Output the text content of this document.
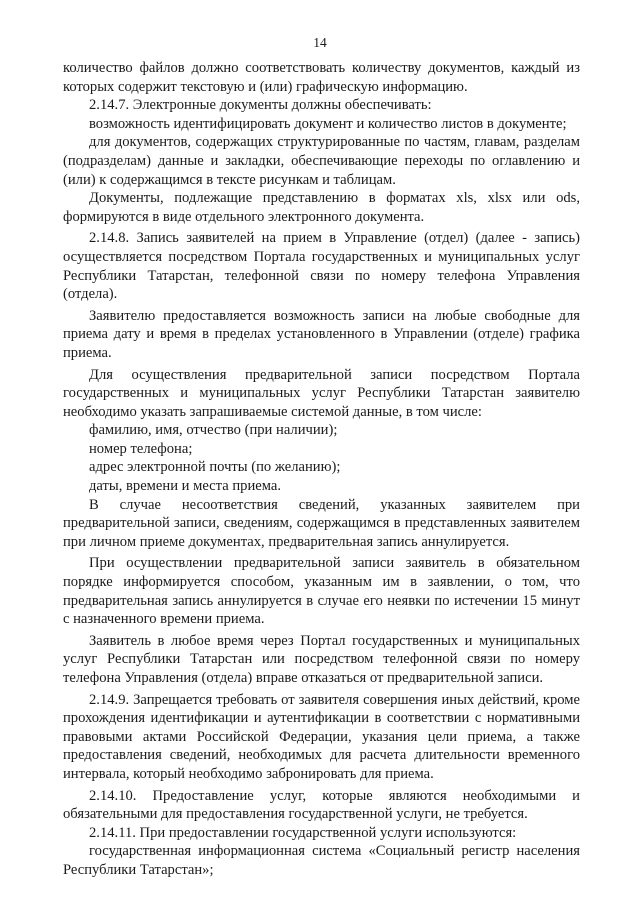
14

количество файлов должно соответствовать количеству документов, каждый из которых содержит текстовую и (или) графическую информацию.

2.14.7. Электронные документы должны обеспечивать:

возможность идентифицировать документ и количество листов в документе;

для документов, содержащих структурированные по частям, главам, разделам (подразделам) данные и закладки, обеспечивающие переходы по оглавлению и (или) к содержащимся в тексте рисункам и таблицам.

Документы, подлежащие представлению в форматах xls, xlsx или ods, формируются в виде отдельного электронного документа.

2.14.8. Запись заявителей на прием в Управление (отдел) (далее - запись) осуществляется посредством Портала государственных и муниципальных услуг Республики Татарстан, телефонной связи по номеру телефона Управления (отдела).

Заявителю предоставляется возможность записи на любые свободные для приема дату и время в пределах установленного в Управлении (отделе) графика приема.

Для осуществления предварительной записи посредством Портала государственных и муниципальных услуг Республики Татарстан заявителю необходимо указать запрашиваемые системой данные, в том числе:

фамилию, имя, отчество (при наличии);

номер телефона;

адрес электронной почты (по желанию);

даты, времени и места приема.

В случае несоответствия сведений, указанных заявителем при предварительной записи, сведениям, содержащимся в представленных заявителем при личном приеме документах, предварительная запись аннулируется.

При осуществлении предварительной записи заявитель в обязательном порядке информируется способом, указанным им в заявлении, о том, что предварительная запись аннулируется в случае его неявки по истечении 15 минут с назначенного времени приема.

Заявитель в любое время через Портал государственных и муниципальных услуг Республики Татарстан или посредством телефонной связи по номеру телефона Управления (отдела) вправе отказаться от предварительной записи.

2.14.9. Запрещается требовать от заявителя совершения иных действий, кроме прохождения идентификации и аутентификации в соответствии с нормативными правовыми актами Российской Федерации, указания цели приема, а также предоставления сведений, необходимых для расчета длительности временного интервала, который необходимо забронировать для приема.

2.14.10. Предоставление услуг, которые являются необходимыми и обязательными для предоставления государственной услуги, не требуется.

2.14.11. При предоставлении государственной услуги используются:

государственная информационная система «Социальный регистр населения Республики Татарстан»;
